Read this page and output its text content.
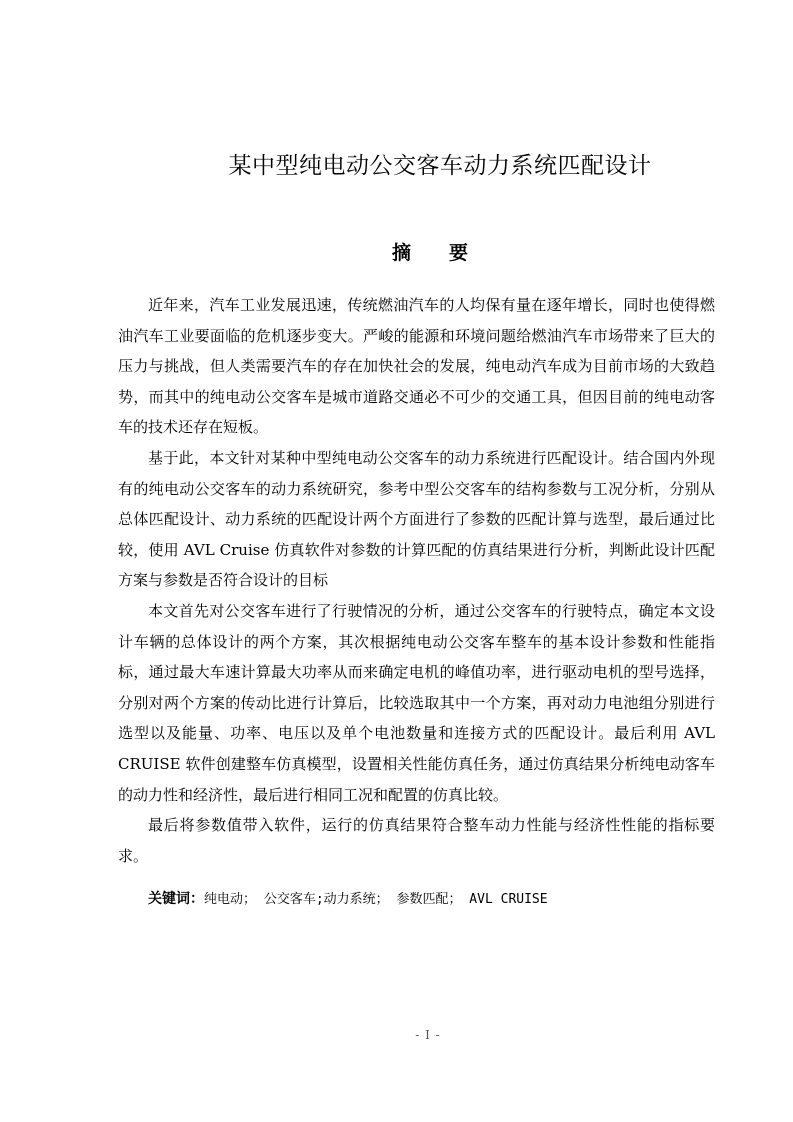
某中型纯电动公交客车动力系统匹配设计
摘 要

近年来，汽车工业发展迅速，传统燃油汽车的人均保有量在逐年增长，同时也使得燃油汽车工业要面临的危机逐步变大。严峻的能源和环境问题给燃油汽车市场带来了巨大的压力与挑战，但人类需要汽车的存在加快社会的发展，纯电动汽车成为目前市场的大致趋势，而其中的纯电动公交客车是城市道路交通必不可少的交通工具，但因目前的纯电动客车的技术还存在短板。

基于此，本文针对某种中型纯电动公交客车的动力系统进行匹配设计。结合国内外现有的纯电动公交客车的动力系统研究，参考中型公交客车的结构参数与工况分析，分别从总体匹配设计、动力系统的匹配设计两个方面进行了参数的匹配计算与选型，最后通过比较，使用 AVL Cruise 仿真软件对参数的计算匹配的仿真结果进行分析，判断此设计匹配方案与参数是否符合设计的目标

本文首先对公交客车进行了行驶情况的分析，通过公交客车的行驶特点，确定本文设计车辆的总体设计的两个方案，其次根据纯电动公交客车整车的基本设计参数和性能指标，通过最大车速计算最大功率从而来确定电机的峰值功率，进行驱动电机的型号选择，分别对两个方案的传动比进行计算后，比较选取其中一个方案，再对动力电池组分别进行选型以及能量、功率、电压以及单个电池数量和连接方式的匹配设计。最后利用 AVL CRUISE 软件创建整车仿真模型，设置相关性能仿真任务，通过仿真结果分析纯电动客车的动力性和经济性，最后进行相同工况和配置的仿真比较。

最后将参数值带入软件，运行的仿真结果符合整车动力性能与经济性性能的指标要求。

关键词：纯电动； 公交客车;动力系统； 参数匹配； AVL CRUISE
- I -
